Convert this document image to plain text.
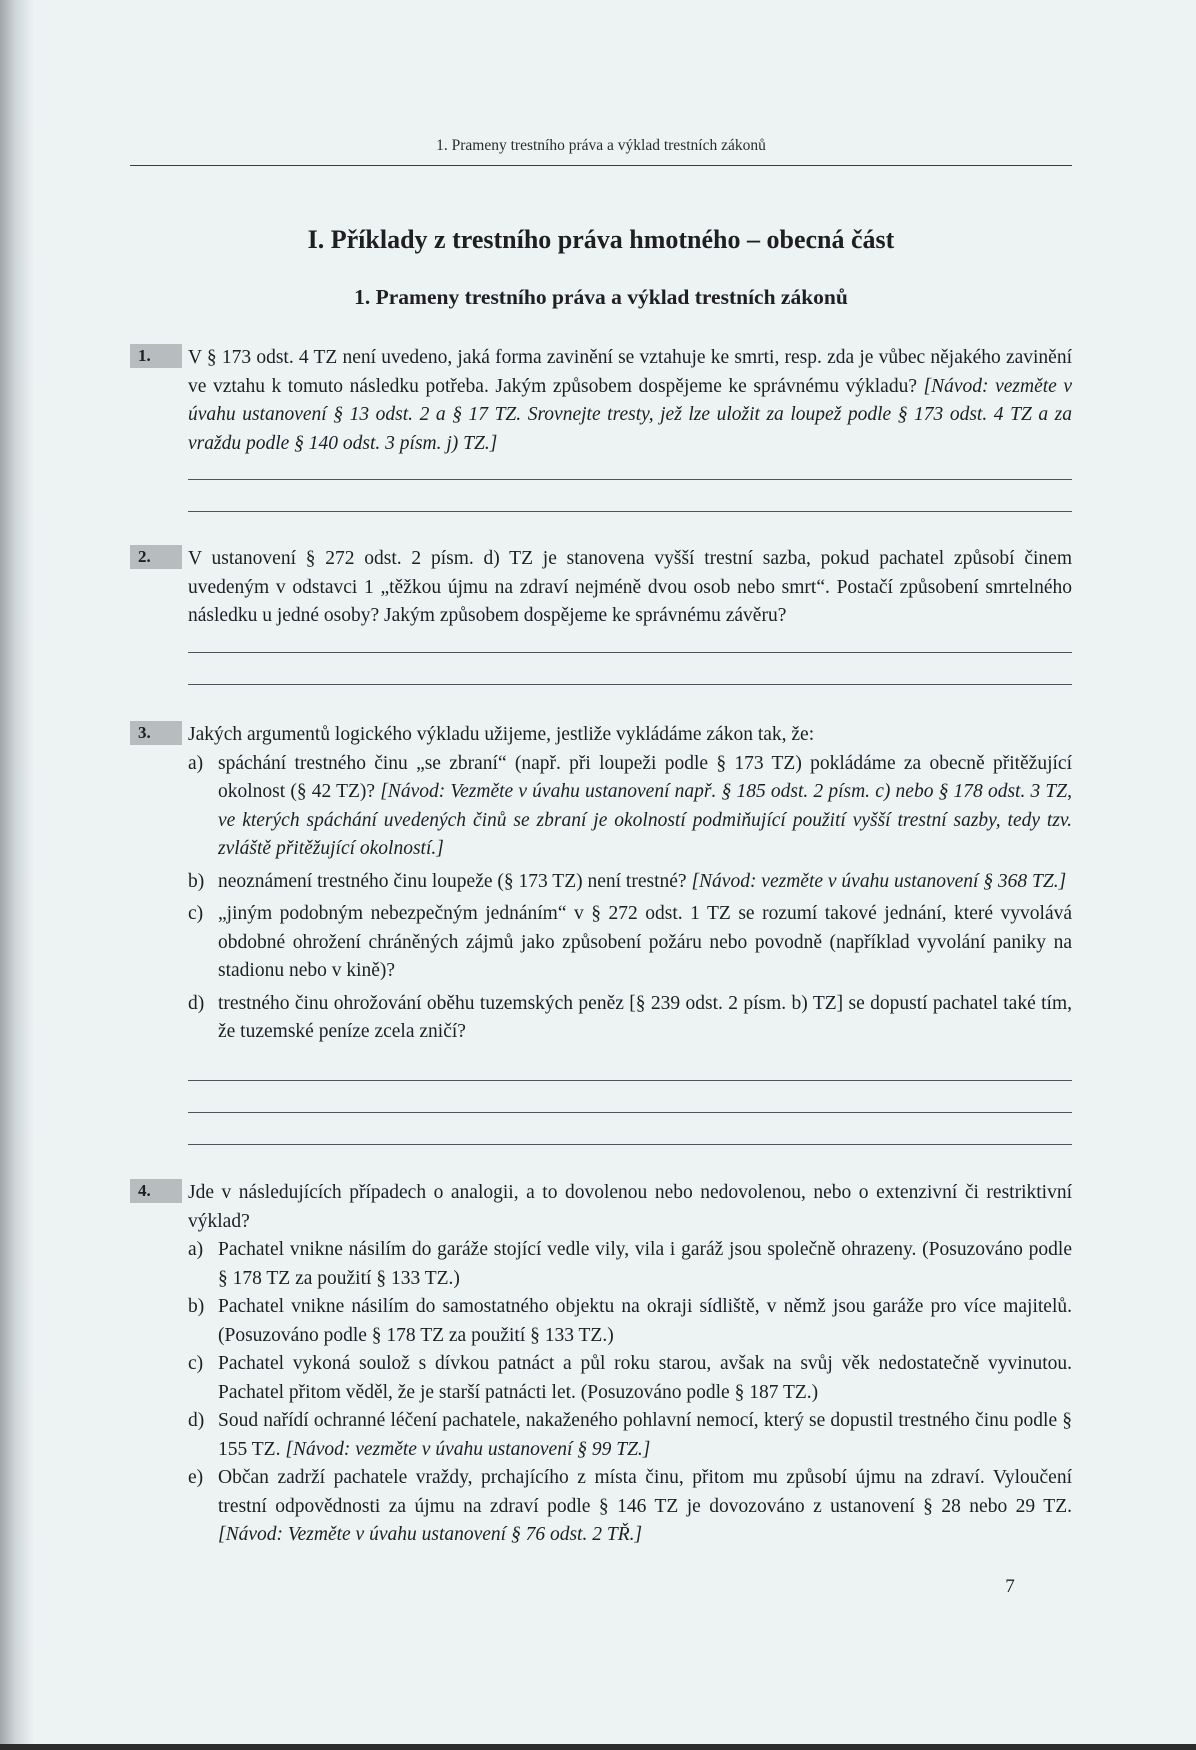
1. Prameny trestního práva a výklad trestních zákonů
I. Příklady z trestního práva hmotného – obecná část
1. Prameny trestního práva a výklad trestních zákonů
1.	V § 173 odst. 4 TZ není uvedeno, jaká forma zavinění se vztahuje ke smrti, resp. zda je vůbec nějakého zavinění ve vztahu k tomuto následku potřeba. Jakým způsobem dospějeme ke správnému výkladu? [Návod: vezměte v úvahu ustanovení § 13 odst. 2 a § 17 TZ. Srovnejte tresty, jež lze uložit za loupež podle § 173 odst. 4 TZ a za vraždu podle § 140 odst. 3 písm. j) TZ.]
2.	V ustanovení § 272 odst. 2 písm. d) TZ je stanovena vyšší trestní sazba, pokud pachatel způsobí činem uvedeným v odstavci 1 „těžkou újmu na zdraví nejméně dvou osob nebo smrt“. Postačí způsobení smrtelného následku u jedné osoby? Jakým způsobem dospějeme ke správnému závěru?
3.	Jakých argumentů logického výkladu užijeme, jestliže vykládáme zákon tak, že:
a) spáchání trestného činu „se zbraní“ (např. při loupeži podle § 173 TZ) pokládáme za obecně přitěžující okolnost (§ 42 TZ)? [Návod: Vezměte v úvahu ustanovení např. § 185 odst. 2 písm. c) nebo § 178 odst. 3 TZ, ve kterých spáchání uvedených činů se zbraní je okolností podmiňující použití vyšší trestní sazby, tedy tzv. zvláště přitěžující okolností.]
b) neoznámení trestného činu loupeže (§ 173 TZ) není trestné? [Návod: vezměte v úvahu ustanovení § 368 TZ.]
c) „jiným podobným nebezpečným jednáním“ v § 272 odst. 1 TZ se rozumí takové jednání, které vyvolává obdobné ohrožení chráněných zájmů jako způsobení požáru nebo povodně (například vyvolání paniky na stadionu nebo v kině)?
d) trestného činu ohrožování oběhu tuzemských peněz [§ 239 odst. 2 písm. b) TZ] se dopustí pachatel také tím, že tuzemské peníze zcela zničí?
4.	Jde v následujících případech o analogii, a to dovolenou nebo nedovolenou, nebo o extenzivní či restriktivní výklad?
a) Pachatel vnikne násilím do garáže stojící vedle vily, vila i garáž jsou společně ohrazeny. (Posuzováno podle § 178 TZ za použití § 133 TZ.)
b) Pachatel vnikne násilím do samostatného objektu na okraji sídliště, v němž jsou garáže pro více majitelů. (Posuzováno podle § 178 TZ za použití § 133 TZ.)
c) Pachatel vykoná soulož s dívkou patnáct a půl roku starou, avšak na svůj věk nedostatečně vyvinutou. Pachatel přitom věděl, že je starší patnácti let. (Posuzováno podle § 187 TZ.)
d) Soud nařídí ochranné léčení pachatele, nakaženého pohlavní nemocí, který se dopustil trestného činu podle § 155 TZ. [Návod: vezměte v úvahu ustanovení § 99 TZ.]
e) Občan zadrží pachatele vraždy, prchajícího z místa činu, přitom mu způsobí újmu na zdraví. Vyloučení trestní odpovědnosti za újmu na zdraví podle § 146 TZ je dovozováno z ustanovení § 28 nebo 29 TZ. [Návod: Vezměte v úvahu ustanovení § 76 odst. 2 TŘ.]
7
